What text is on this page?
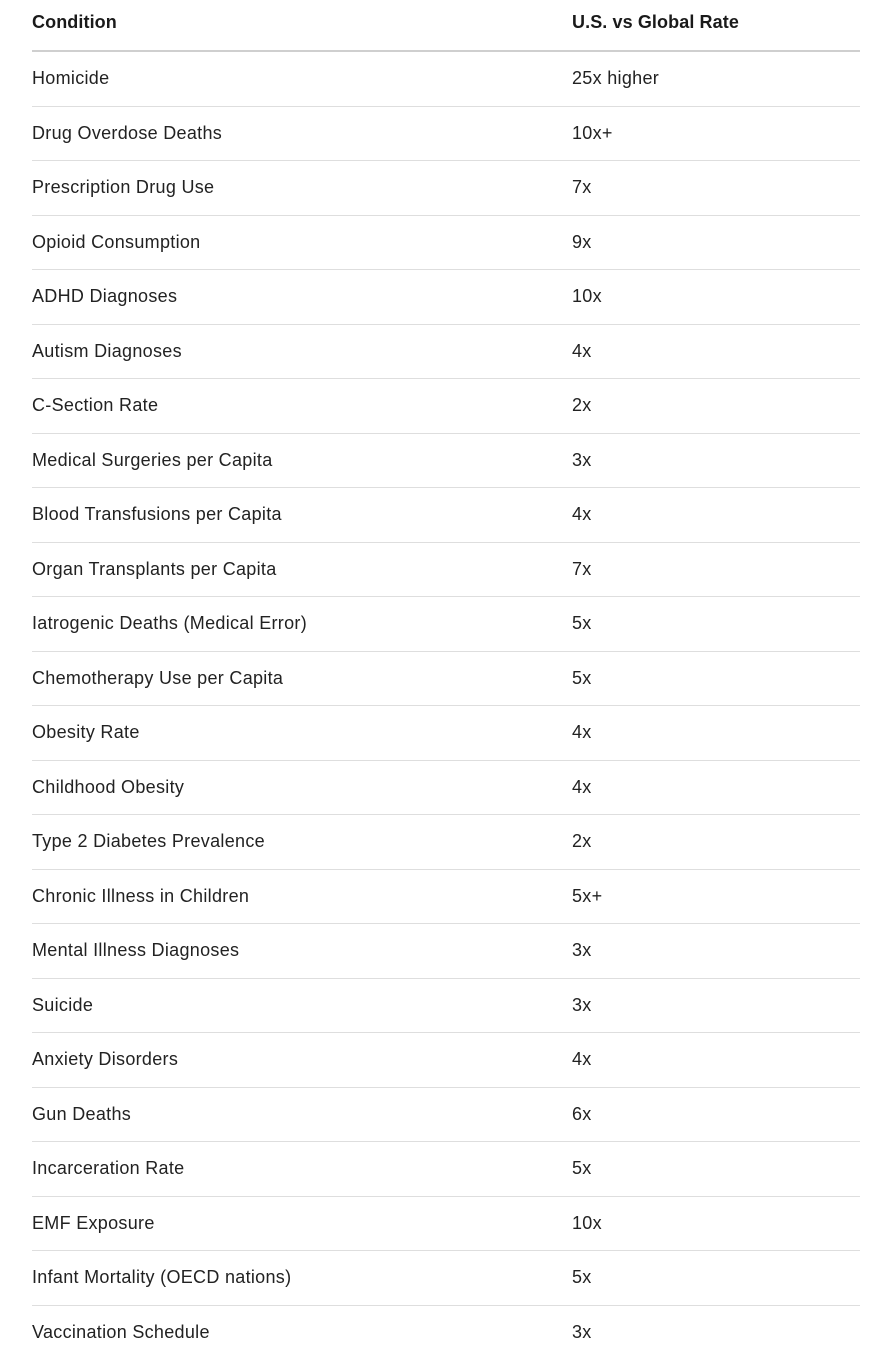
Condition	U.S. vs Global Rate
Homicide	25x higher
Drug Overdose Deaths	10x+
Prescription Drug Use	7x
Opioid Consumption	9x
ADHD Diagnoses	10x
Autism Diagnoses	4x
C-Section Rate	2x
Medical Surgeries per Capita	3x
Blood Transfusions per Capita	4x
Organ Transplants per Capita	7x
Iatrogenic Deaths (Medical Error)	5x
Chemotherapy Use per Capita	5x
Obesity Rate	4x
Childhood Obesity	4x
Type 2 Diabetes Prevalence	2x
Chronic Illness in Children	5x+
Mental Illness Diagnoses	3x
Suicide	3x
Anxiety Disorders	4x
Gun Deaths	6x
Incarceration Rate	5x
EMF Exposure	10x
Infant Mortality (OECD nations)	5x
Vaccination Schedule	3x
